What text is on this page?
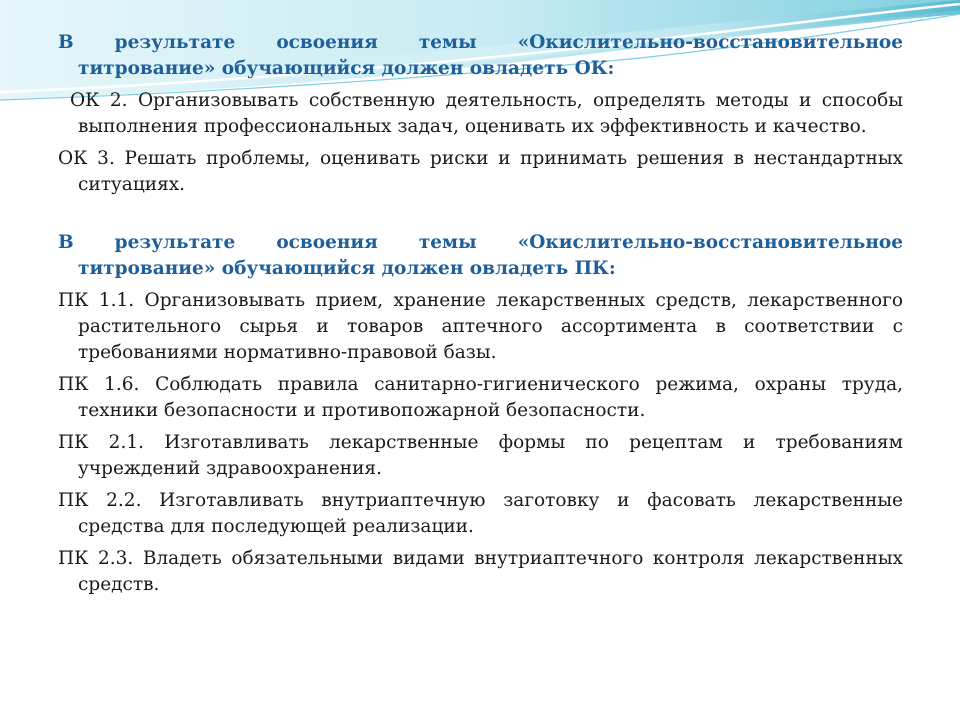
В результате освоения темы «Окислительно-восстановительное титрование» обучающийся должен овладеть ОК:
ОК 2. Организовывать собственную деятельность, определять методы и способы выполнения профессиональных задач, оценивать их эффективность и качество.
ОК 3. Решать проблемы, оценивать риски и принимать решения в нестандартных ситуациях.
В результате освоения темы «Окислительно-восстановительное титрование» обучающийся должен овладеть ПК:
ПК 1.1. Организовывать прием, хранение лекарственных средств, лекарственного растительного сырья и товаров аптечного ассортимента в соответствии с требованиями нормативно-правовой базы.
ПК 1.6. Соблюдать правила санитарно-гигиенического режима, охраны труда, техники безопасности и противопожарной безопасности.
ПК 2.1. Изготавливать лекарственные формы по рецептам и требованиям учреждений здравоохранения.
ПК 2.2. Изготавливать внутриаптечную заготовку и фасовать лекарственные средства для последующей реализации.
ПК 2.3. Владеть обязательными видами внутриаптечного контроля лекарственных средств.
